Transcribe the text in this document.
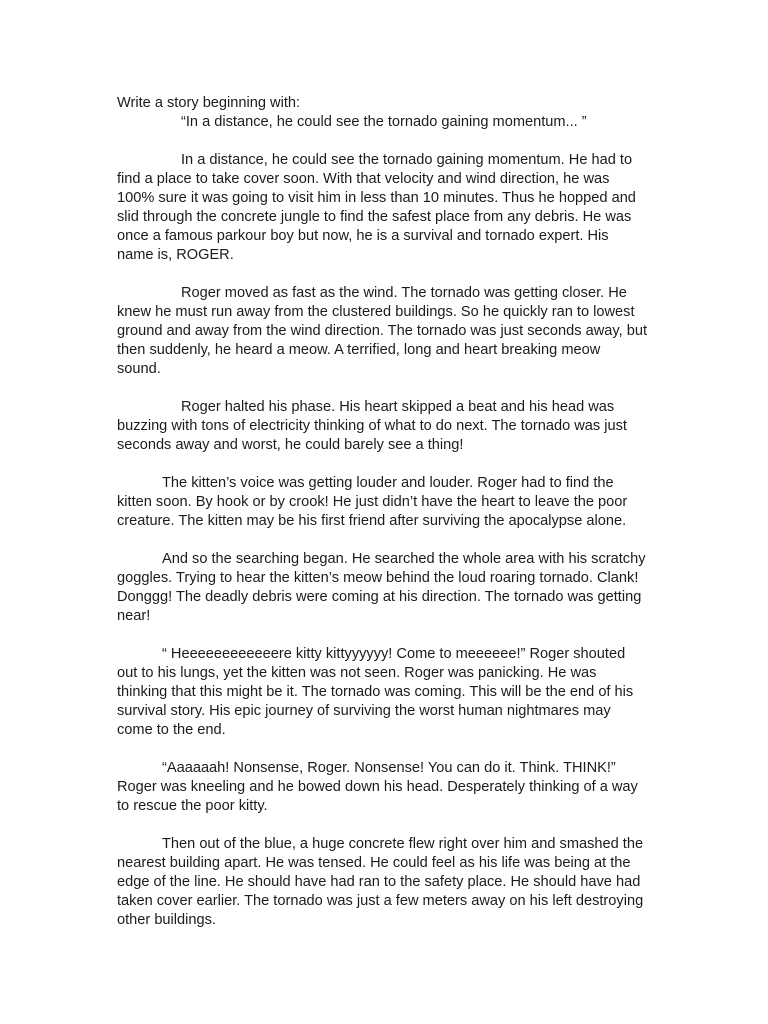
Write a story beginning with:

“In a distance, he could see the tornado gaining momentum... ”

In a distance, he could see the tornado gaining momentum. He had to find a place to take cover soon. With that velocity and wind direction, he was 100% sure it was going to visit him in less than 10 minutes. Thus he hopped and slid through the concrete jungle to find the safest place from any debris. He was once a famous parkour boy but now, he is a survival and tornado expert. His name is, ROGER.

Roger moved as fast as the wind. The tornado was getting closer. He knew he must run away from the clustered buildings. So he quickly ran to lowest ground and away from the wind direction. The tornado was just seconds away, but then suddenly, he heard a meow. A terrified, long and heart breaking meow sound.

Roger halted his phase. His heart skipped a beat and his head was buzzing with tons of electricity thinking of what to do next. The tornado was just seconds away and worst, he could barely see a thing!

The kitten’s voice was getting louder and louder. Roger had to find the kitten soon. By hook or by crook! He just didn’t have the heart to leave the poor creature. The kitten may be his first friend after surviving the apocalypse alone.

And so the searching began. He searched the whole area with his scratchy goggles. Trying to hear the kitten’s meow behind the loud roaring tornado. Clank! Donggg! The deadly debris were coming at his direction. The tornado was getting near!

“ Heeeeeeeeeeeere kitty kittyyyyyy! Come to meeeeee!” Roger shouted out to his lungs, yet the kitten was not seen. Roger was panicking. He was thinking that this might be it. The tornado was coming. This will be the end of his survival story. His epic journey of surviving the worst human nightmares may come to the end.

“Aaaaaah! Nonsense, Roger. Nonsense! You can do it. Think. THINK!” Roger was kneeling and he bowed down his head. Desperately thinking of a way to rescue the poor kitty.

Then out of the blue, a huge concrete flew right over him and smashed the nearest building apart. He was tensed. He could feel as his life was being at the edge of the line. He should have had ran to the safety place. He should have had taken cover earlier. The tornado was just a few meters away on his left destroying other buildings.
